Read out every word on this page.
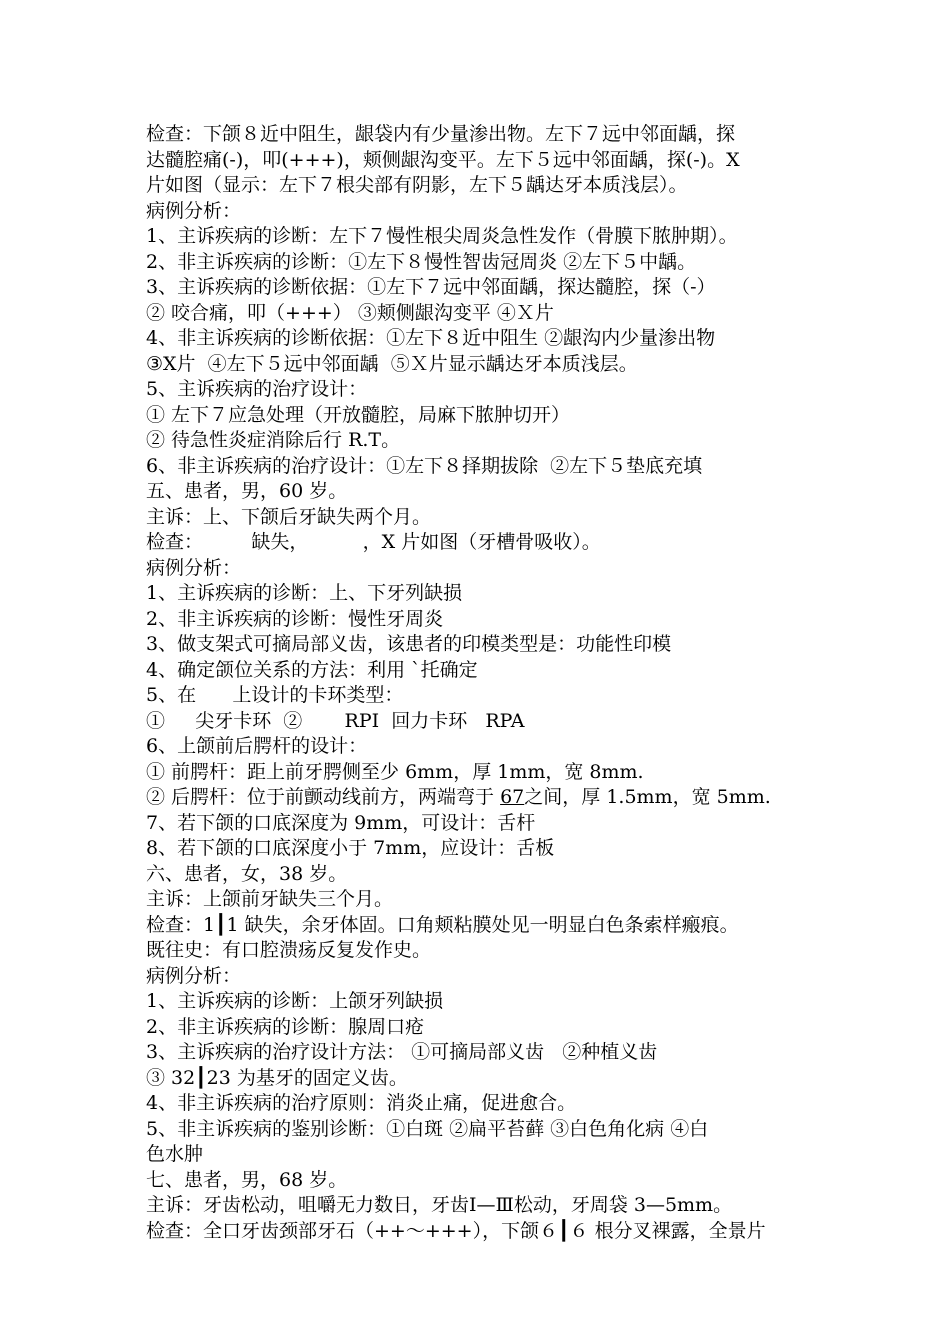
检查：下颌８近中阻生，龈袋内有少量渗出物。左下７远中邻面龋，探
达髓腔痛(-)，叩(+++)，颊侧龈沟变平。左下５远中邻面龋，探(-)。X
片如图（显示：左下７根尖部有阴影，左下５龋达牙本质浅层）。
病例分析：
1、主诉疾病的诊断：左下７慢性根尖周炎急性发作（骨膜下脓肿期）。
2、非主诉疾病的诊断：①左下８慢性智齿冠周炎 ②左下５中龋。
3、主诉疾病的诊断依据：①左下７远中邻面龋，探达髓腔，探（-）
② 咬合痛，叩（+++） ③颊侧龈沟变平 ④Ｘ片
4、非主诉疾病的诊断依据：①左下８近中阻生 ②龈沟内少量渗出物
③X片  ④左下５远中邻面龋  ⑤Ｘ片显示龋达牙本质浅层。
5、主诉疾病的治疗设计：
① 左下７应急处理（开放髓腔，局麻下脓肿切开）
② 待急性炎症消除后行 R.T。
6、非主诉疾病的治疗设计：①左下８择期拔除  ②左下５垫底充填
五、患者，男，60 岁。
主诉：上、下颌后牙缺失两个月。
检查：        缺失，         ，X 片如图（牙槽骨吸收）。
病例分析：
1、主诉疾病的诊断：上、下牙列缺损
2、非主诉疾病的诊断：慢性牙周炎
3、做支架式可摘局部义齿，该患者的印模类型是：功能性印模
4、确定颌位关系的方法：利用 `托确定
5、在      上设计的卡环类型：
①     尖牙卡环  ②       RPI  回力卡环   RPA
6、上颌前后腭杆的设计：
① 前腭杆：距上前牙腭侧至少 6mm，厚 1mm，宽 8mm.
② 后腭杆：位于前颤动线前方，两端弯于 67之间，厚 1.5mm，宽 5mm.
7、若下颌的口底深度为 9mm，可设计：舌杆
8、若下颌的口底深度小于 7mm，应设计：舌板
六、患者，女，38 岁。
主诉：上颌前牙缺失三个月。
检查：1┃1 缺失，余牙体固。口角颊粘膜处见一明显白色条索样瘢痕。
既往史：有口腔溃疡反复发作史。
病例分析：
1、主诉疾病的诊断：上颌牙列缺损
2、非主诉疾病的诊断：腺周口疮
3、主诉疾病的治疗设计方法： ①可摘局部义齿   ②种植义齿
③ 32┃23 为基牙的固定义齿。
4、非主诉疾病的治疗原则：消炎止痛，促进愈合。
5、非主诉疾病的鉴别诊断：①白斑 ②扁平苔藓 ③白色角化病 ④白
色水肿
七、患者，男，68 岁。
主诉：牙齿松动，咀嚼无力数日，牙齿Ⅰ—Ⅲ松动，牙周袋 3—5mm。
检查：全口牙齿颈部牙石（++～+++），下颌６┃６ 根分叉裸露，全景片
